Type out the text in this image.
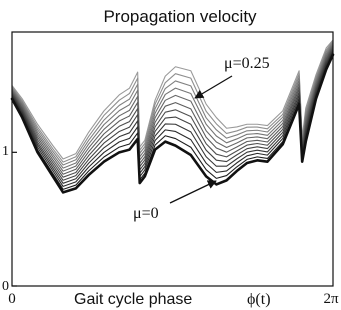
Propagation velocity
0
1
0	2π
Gait cycle phase	ϕ(t)
μ=0.25
μ=0
